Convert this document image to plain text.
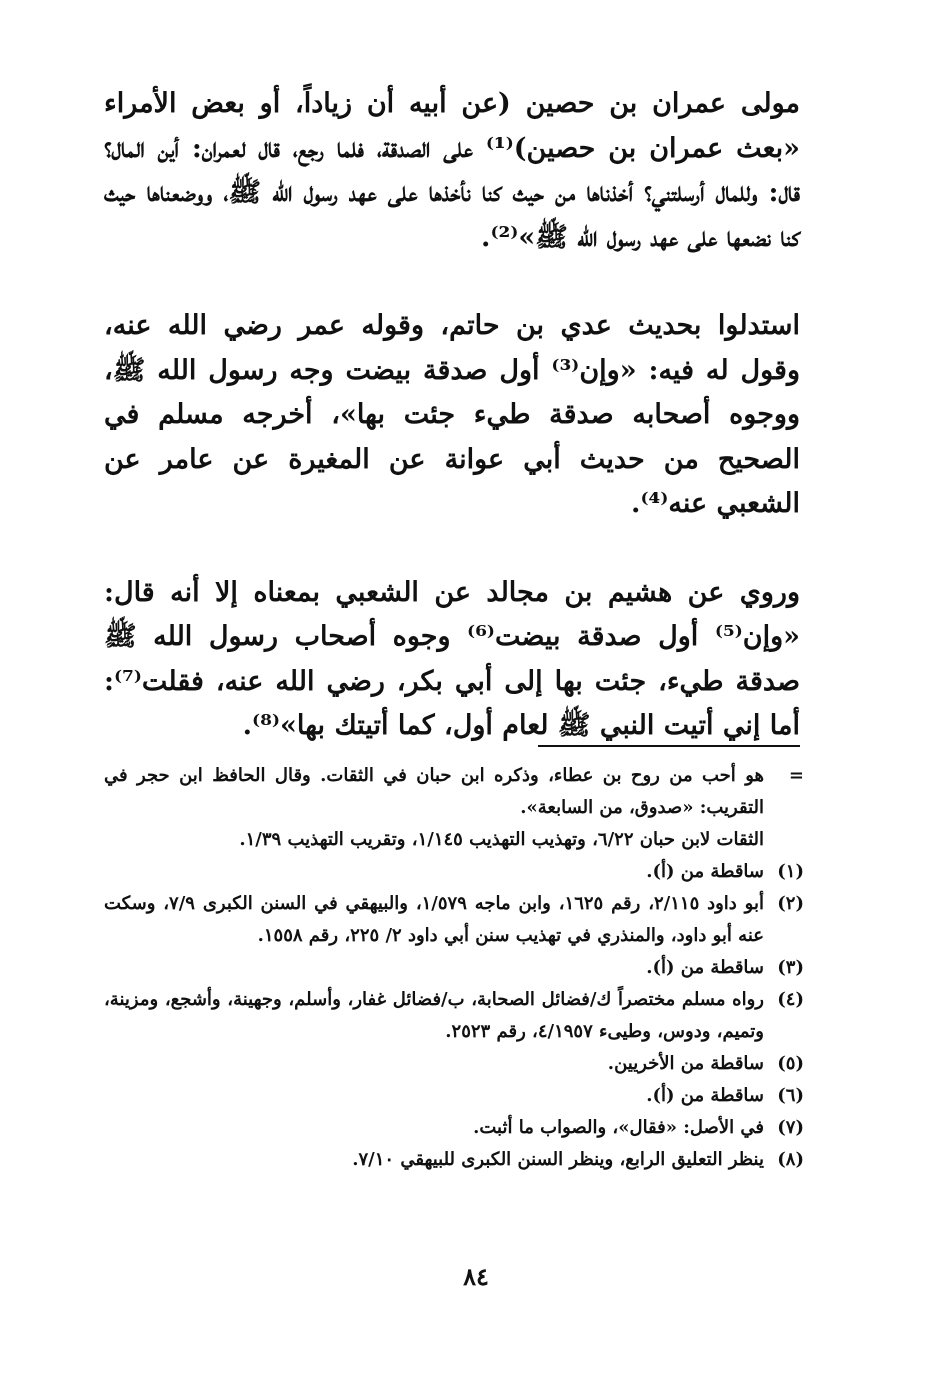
مولى عمران بن حصين (عن أبيه أن زياداً، أو بعض الأمراء «بعث عمران بن حصين)⁽¹⁾ على الصدقة، فلما رجع، قال لعمران: أين المال؟ قال: وللمال أرسلتني؟ أخذناها من حيث كنا نأخذها على عهد رسول الله ﷺ، ووضعناها حيث كنا نضعها على عهد رسول الله ﷺ»⁽²⁾.

استدلوا بحديث عدي بن حاتم، وقوله عمر رضي الله عنه، وقول له فيه: «وإن⁽³⁾ أول صدقة بيضت وجه رسول الله ﷺ، ووجوه أصحابه صدقة طيء جئت بها»، أخرجه مسلم في الصحيح من حديث أبي عوانة عن المغيرة عن عامر عن الشعبي عنه⁽⁴⁾.

وروي عن هشيم بن مجالد عن الشعبي بمعناه إلا أنه قال: «وإن⁽⁵⁾ أول صدقة بيضت⁽⁶⁾ وجوه أصحاب رسول الله ﷺ صدقة طيء، جئت بها إلى أبي بكر، رضي الله عنه، فقلت⁽⁷⁾: أما إني أتيت النبي ﷺ لعام أول، كما أتيتك بها»⁽⁸⁾.

=
هو أحب من روح بن عطاء، وذكره ابن حبان في الثقات. وقال الحافظ ابن حجر في التقريب: «صدوق، من السابعة».
الثقات لابن حبان ٦/٢٢، وتهذيب التهذيب ١/١٤٥، وتقريب التهذيب ١/٣٩.
(١)
ساقطة من (أ).
(٢)
أبو داود ٢/١١٥، رقم ١٦٢٥، وابن ماجه ١/٥٧٩، والبيهقي في السنن الكبرى ٧/٩، وسكت عنه أبو داود، والمنذري في تهذيب سنن أبي داود ٢/ ٢٢٥، رقم ١٥٥٨.
(٣)
ساقطة من (أ).
(٤)
رواه مسلم مختصراً ك/فضائل الصحابة، ب/فضائل غفار، وأسلم، وجهينة، وأشجع، ومزينة، وتميم، ودوس، وطيىء ٤/١٩٥٧، رقم ٢٥٢٣.
(٥)
ساقطة من الأخريين.
(٦)
ساقطة من (أ).
(٧)
في الأصل: «فقال»، والصواب ما أثبت.
(٨)
ينظر التعليق الرابع، وينظر السنن الكبرى للبيهقي ٧/١٠.
٨٤
